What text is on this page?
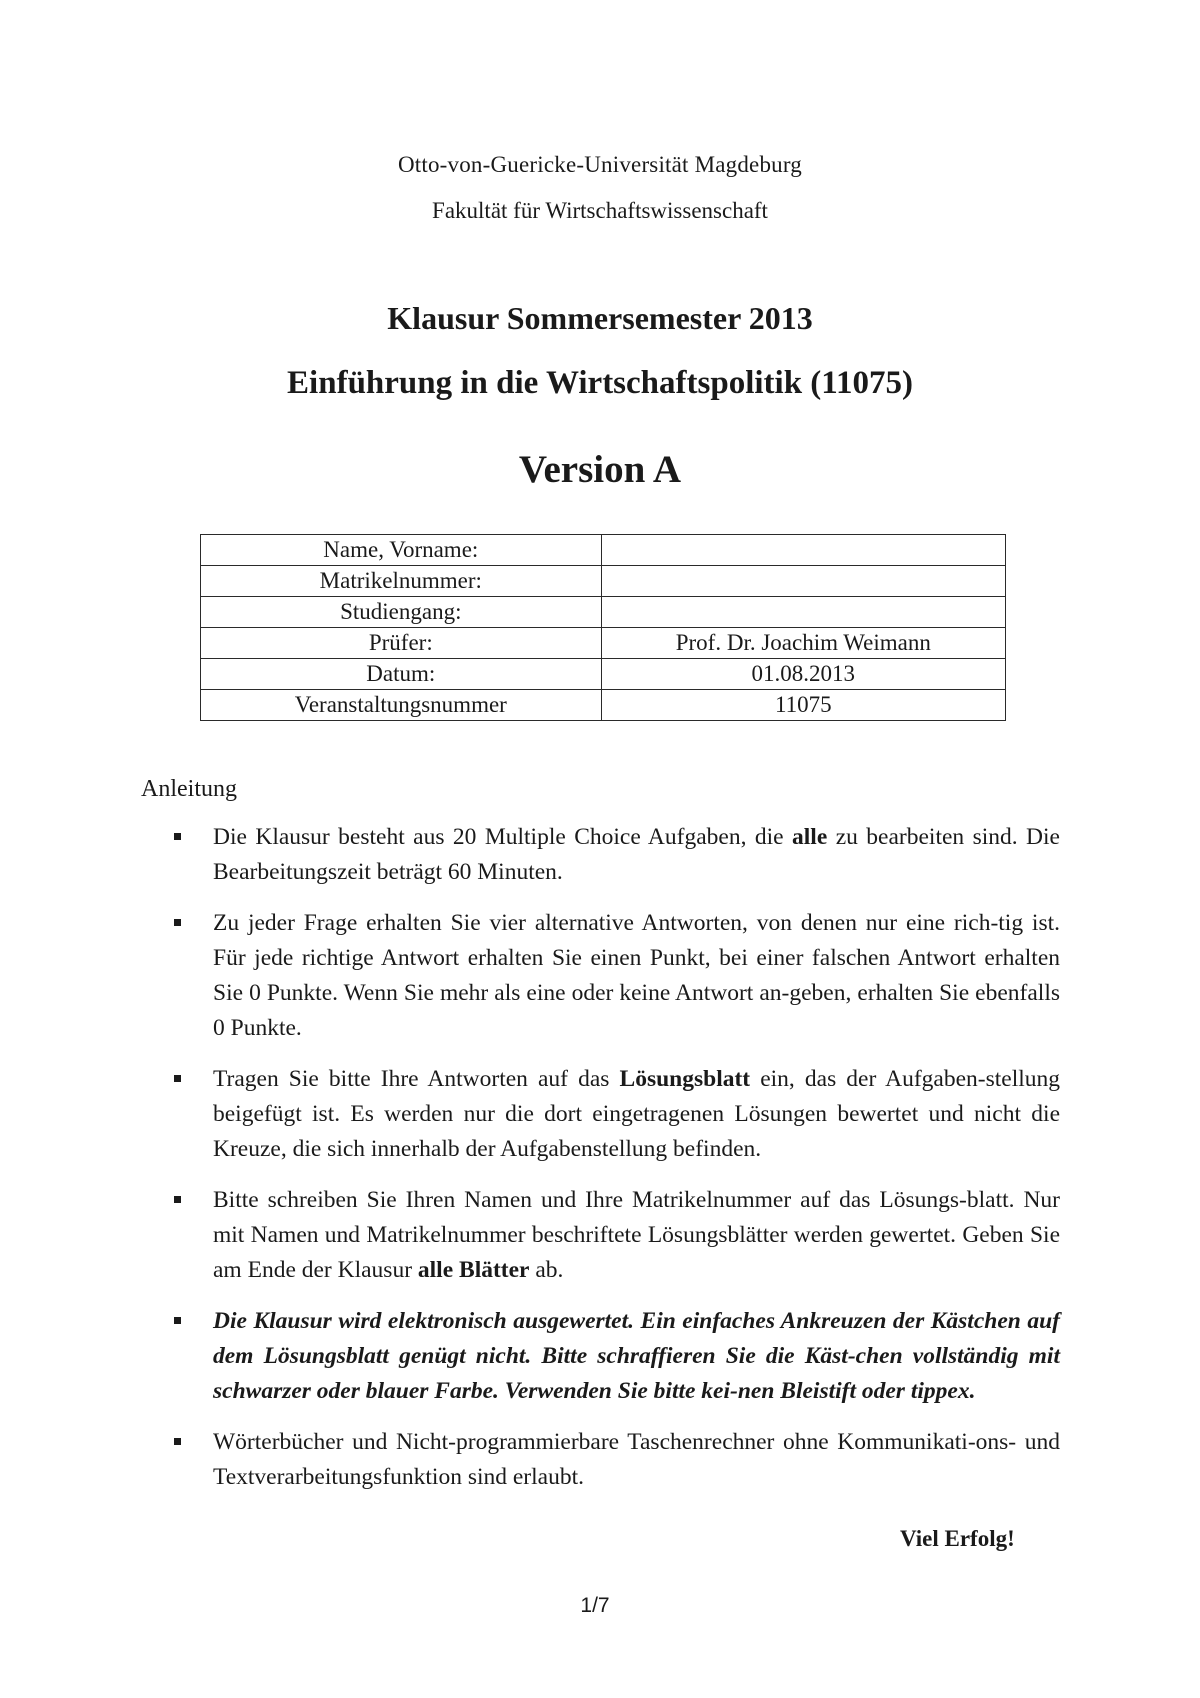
Otto-von-Guericke-Universität Magdeburg
Fakultät für Wirtschaftswissenschaft
Klausur Sommersemester 2013
Einführung in die Wirtschaftspolitik (11075)
Version A
Name, Vorname:	
Matrikelnummer:	
Studiengang:	
Prüfer:	Prof. Dr. Joachim Weimann
Datum:	01.08.2013
Veranstaltungsnummer	11075
Anleitung
Die Klausur besteht aus 20 Multiple Choice Aufgaben, die alle zu bearbeiten sind. Die Bearbeitungszeit beträgt 60 Minuten.
Zu jeder Frage erhalten Sie vier alternative Antworten, von denen nur eine rich-tig ist. Für jede richtige Antwort erhalten Sie einen Punkt, bei einer falschen Antwort erhalten Sie 0 Punkte. Wenn Sie mehr als eine oder keine Antwort an-geben, erhalten Sie ebenfalls 0 Punkte.
Tragen Sie bitte Ihre Antworten auf das Lösungsblatt ein, das der Aufgaben-stellung beigefügt ist. Es werden nur die dort eingetragenen Lösungen bewertet und nicht die Kreuze, die sich innerhalb der Aufgabenstellung befinden.
Bitte schreiben Sie Ihren Namen und Ihre Matrikelnummer auf das Lösungs-blatt. Nur mit Namen und Matrikelnummer beschriftete Lösungsblätter werden gewertet. Geben Sie am Ende der Klausur alle Blätter ab.
Die Klausur wird elektronisch ausgewertet. Ein einfaches Ankreuzen der Kästchen auf dem Lösungsblatt genügt nicht. Bitte schraffieren Sie die Käst-chen vollständig mit schwarzer oder blauer Farbe. Verwenden Sie bitte kei-nen Bleistift oder tippex.
Wörterbücher und Nicht-programmierbare Taschenrechner ohne Kommunikati-ons- und Textverarbeitungsfunktion sind erlaubt.
Viel Erfolg!
1/7
